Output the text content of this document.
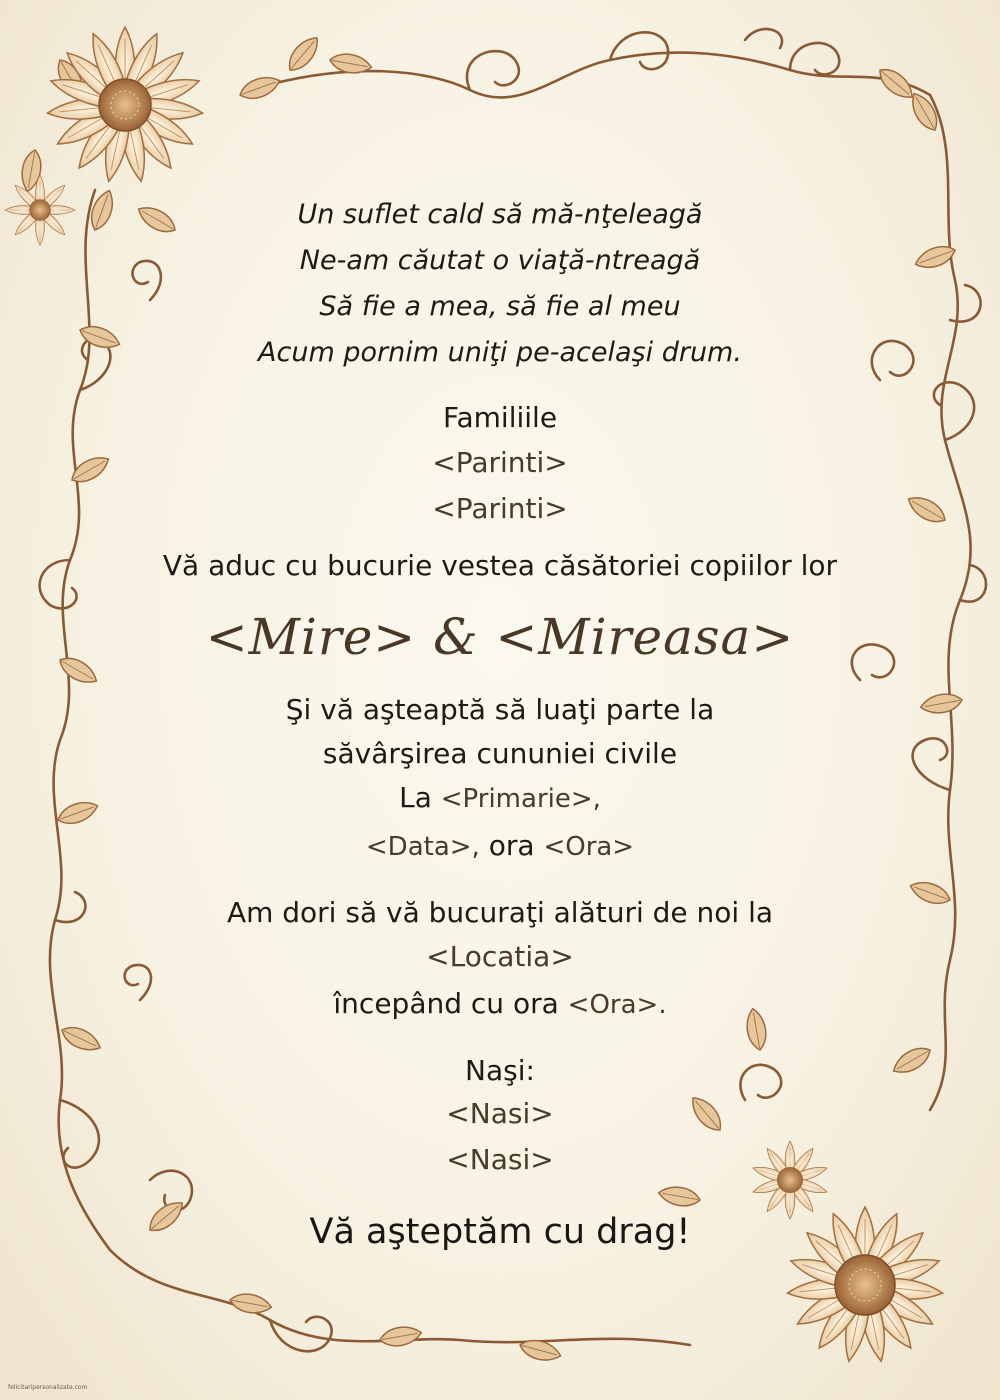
Un suflet cald să mă-nţeleagă
Ne-am căutat o viaţă-ntreagă
Să fie a mea, să fie al meu
Acum pornim uniţi pe-acelaşi drum.
Familiile
<Parinti>
<Parinti>
Vă aduc cu bucurie vestea căsătoriei copiilor lor
<Mire> & <Mireasa>
Şi vă aşteaptă să luaţi parte la
săvârşirea cununiei civile
La <Primarie>,
<Data>, ora <Ora>
Am dori să vă bucuraţi alături de noi la
<Locatia>
începând cu ora <Ora>.
Naşi:
<Nasi>
<Nasi>
Vă aşteptăm cu drag!
felicitaripersonalizate.com
